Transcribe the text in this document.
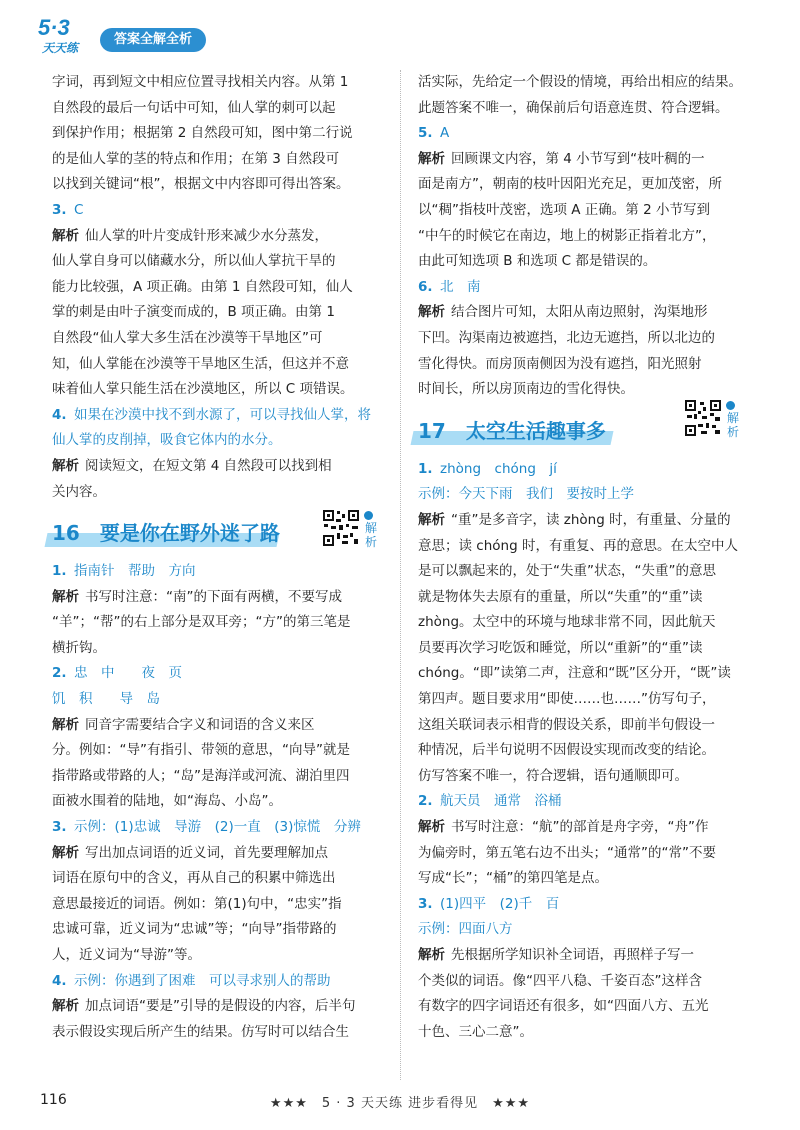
5·3
天天练
答案全解全析
字词，再到短文中相应位置寻找相关内容。从第 1
自然段的最后一句话中可知，仙人掌的刺可以起
到保护作用；根据第 2 自然段可知，图中第二行说
的是仙人掌的茎的特点和作用；在第 3 自然段可
以找到关键词“根”，根据文中内容即可得出答案。
3. C
解析 仙人掌的叶片变成针形来减少水分蒸发，
仙人掌自身可以储藏水分，所以仙人掌抗干旱的
能力比较强，A 项正确。由第 1 自然段可知，仙人
掌的刺是由叶子演变而成的，B 项正确。由第 1
自然段“仙人掌大多生活在沙漠等干旱地区”可
知，仙人掌能在沙漠等干旱地区生活，但这并不意
味着仙人掌只能生活在沙漠地区，所以 C 项错误。
4. 如果在沙漠中找不到水源了，可以寻找仙人掌，将
仙人掌的皮削掉，吸食它体内的水分。
解析 阅读短文，在短文第 4 自然段可以找到相
关内容。
16　要是你在野外迷了路	解析
1. 指南针　帮助　方向
解析 书写时注意：“南”的下面有两横，不要写成
“羊”；“帮”的右上部分是双耳旁；“方”的第三笔是
横折钩。
2. 忠　中　　夜　页
饥　积　　导　岛
解析 同音字需要结合字义和词语的含义来区
分。例如：“导”有指引、带领的意思，“向导”就是
指带路或带路的人；“岛”是海洋或河流、湖泊里四
面被水围着的陆地，如“海岛、小岛”。
3. 示例：(1)忠诚　导游　(2)一直　(3)惊慌　分辨
解析 写出加点词语的近义词，首先要理解加点
词语在原句中的含义，再从自己的积累中筛选出
意思最接近的词语。例如：第(1)句中，“忠实”指
忠诚可靠，近义词为“忠诚”等；“向导”指带路的
人，近义词为“导游”等。
4. 示例：你遇到了困难　可以寻求别人的帮助
解析 加点词语“要是”引导的是假设的内容，后半句
表示假设实现后所产生的结果。仿写时可以结合生
活实际，先给定一个假设的情境，再给出相应的结果。
此题答案不唯一，确保前后句语意连贯、符合逻辑。
5. A
解析 回顾课文内容，第 4 小节写到“枝叶稠的一
面是南方”，朝南的枝叶因阳光充足，更加茂密，所
以“稠”指枝叶茂密，选项 A 正确。第 2 小节写到
“中午的时候它在南边，地上的树影正指着北方”，
由此可知选项 B 和选项 C 都是错误的。
6. 北　南
解析 结合图片可知，太阳从南边照射，沟渠地形
下凹。沟渠南边被遮挡，北边无遮挡，所以北边的
雪化得快。而房顶南侧因为没有遮挡，阳光照射
时间长，所以房顶南边的雪化得快。
17　太空生活趣事多
解析
1. zhòng　chóng　jí
示例：今天下雨　我们　要按时上学
解析 “重”是多音字，读 zhòng 时，有重量、分量的
意思；读 chóng 时，有重复、再的意思。在太空中人
是可以飘起来的，处于“失重”状态，“失重”的意思
就是物体失去原有的重量，所以“失重”的“重”读
zhòng。太空中的环境与地球非常不同，因此航天
员要再次学习吃饭和睡觉，所以“重新”的“重”读
chóng。“即”读第二声，注意和“既”区分开，“既”读
第四声。题目要求用“即使……也……”仿写句子，
这组关联词表示相背的假设关系，即前半句假设一
种情况，后半句说明不因假设实现而改变的结论。
仿写答案不唯一，符合逻辑，语句通顺即可。
2. 航天员　通常　浴桶
解析 书写时注意：“航”的部首是舟字旁，“舟”作
为偏旁时，第五笔右边不出头；“通常”的“常”不要
写成“长”；“桶”的第四笔是点。
3. (1)四平　(2)千　百
示例：四面八方
解析 先根据所学知识补全词语，再照样子写一
个类似的词语。像“四平八稳、千姿百态”这样含
有数字的四字词语还有很多，如“四面八方、五光
十色、三心二意”。
116	★★★　5 · 3 天天练 进步看得见　★★★
